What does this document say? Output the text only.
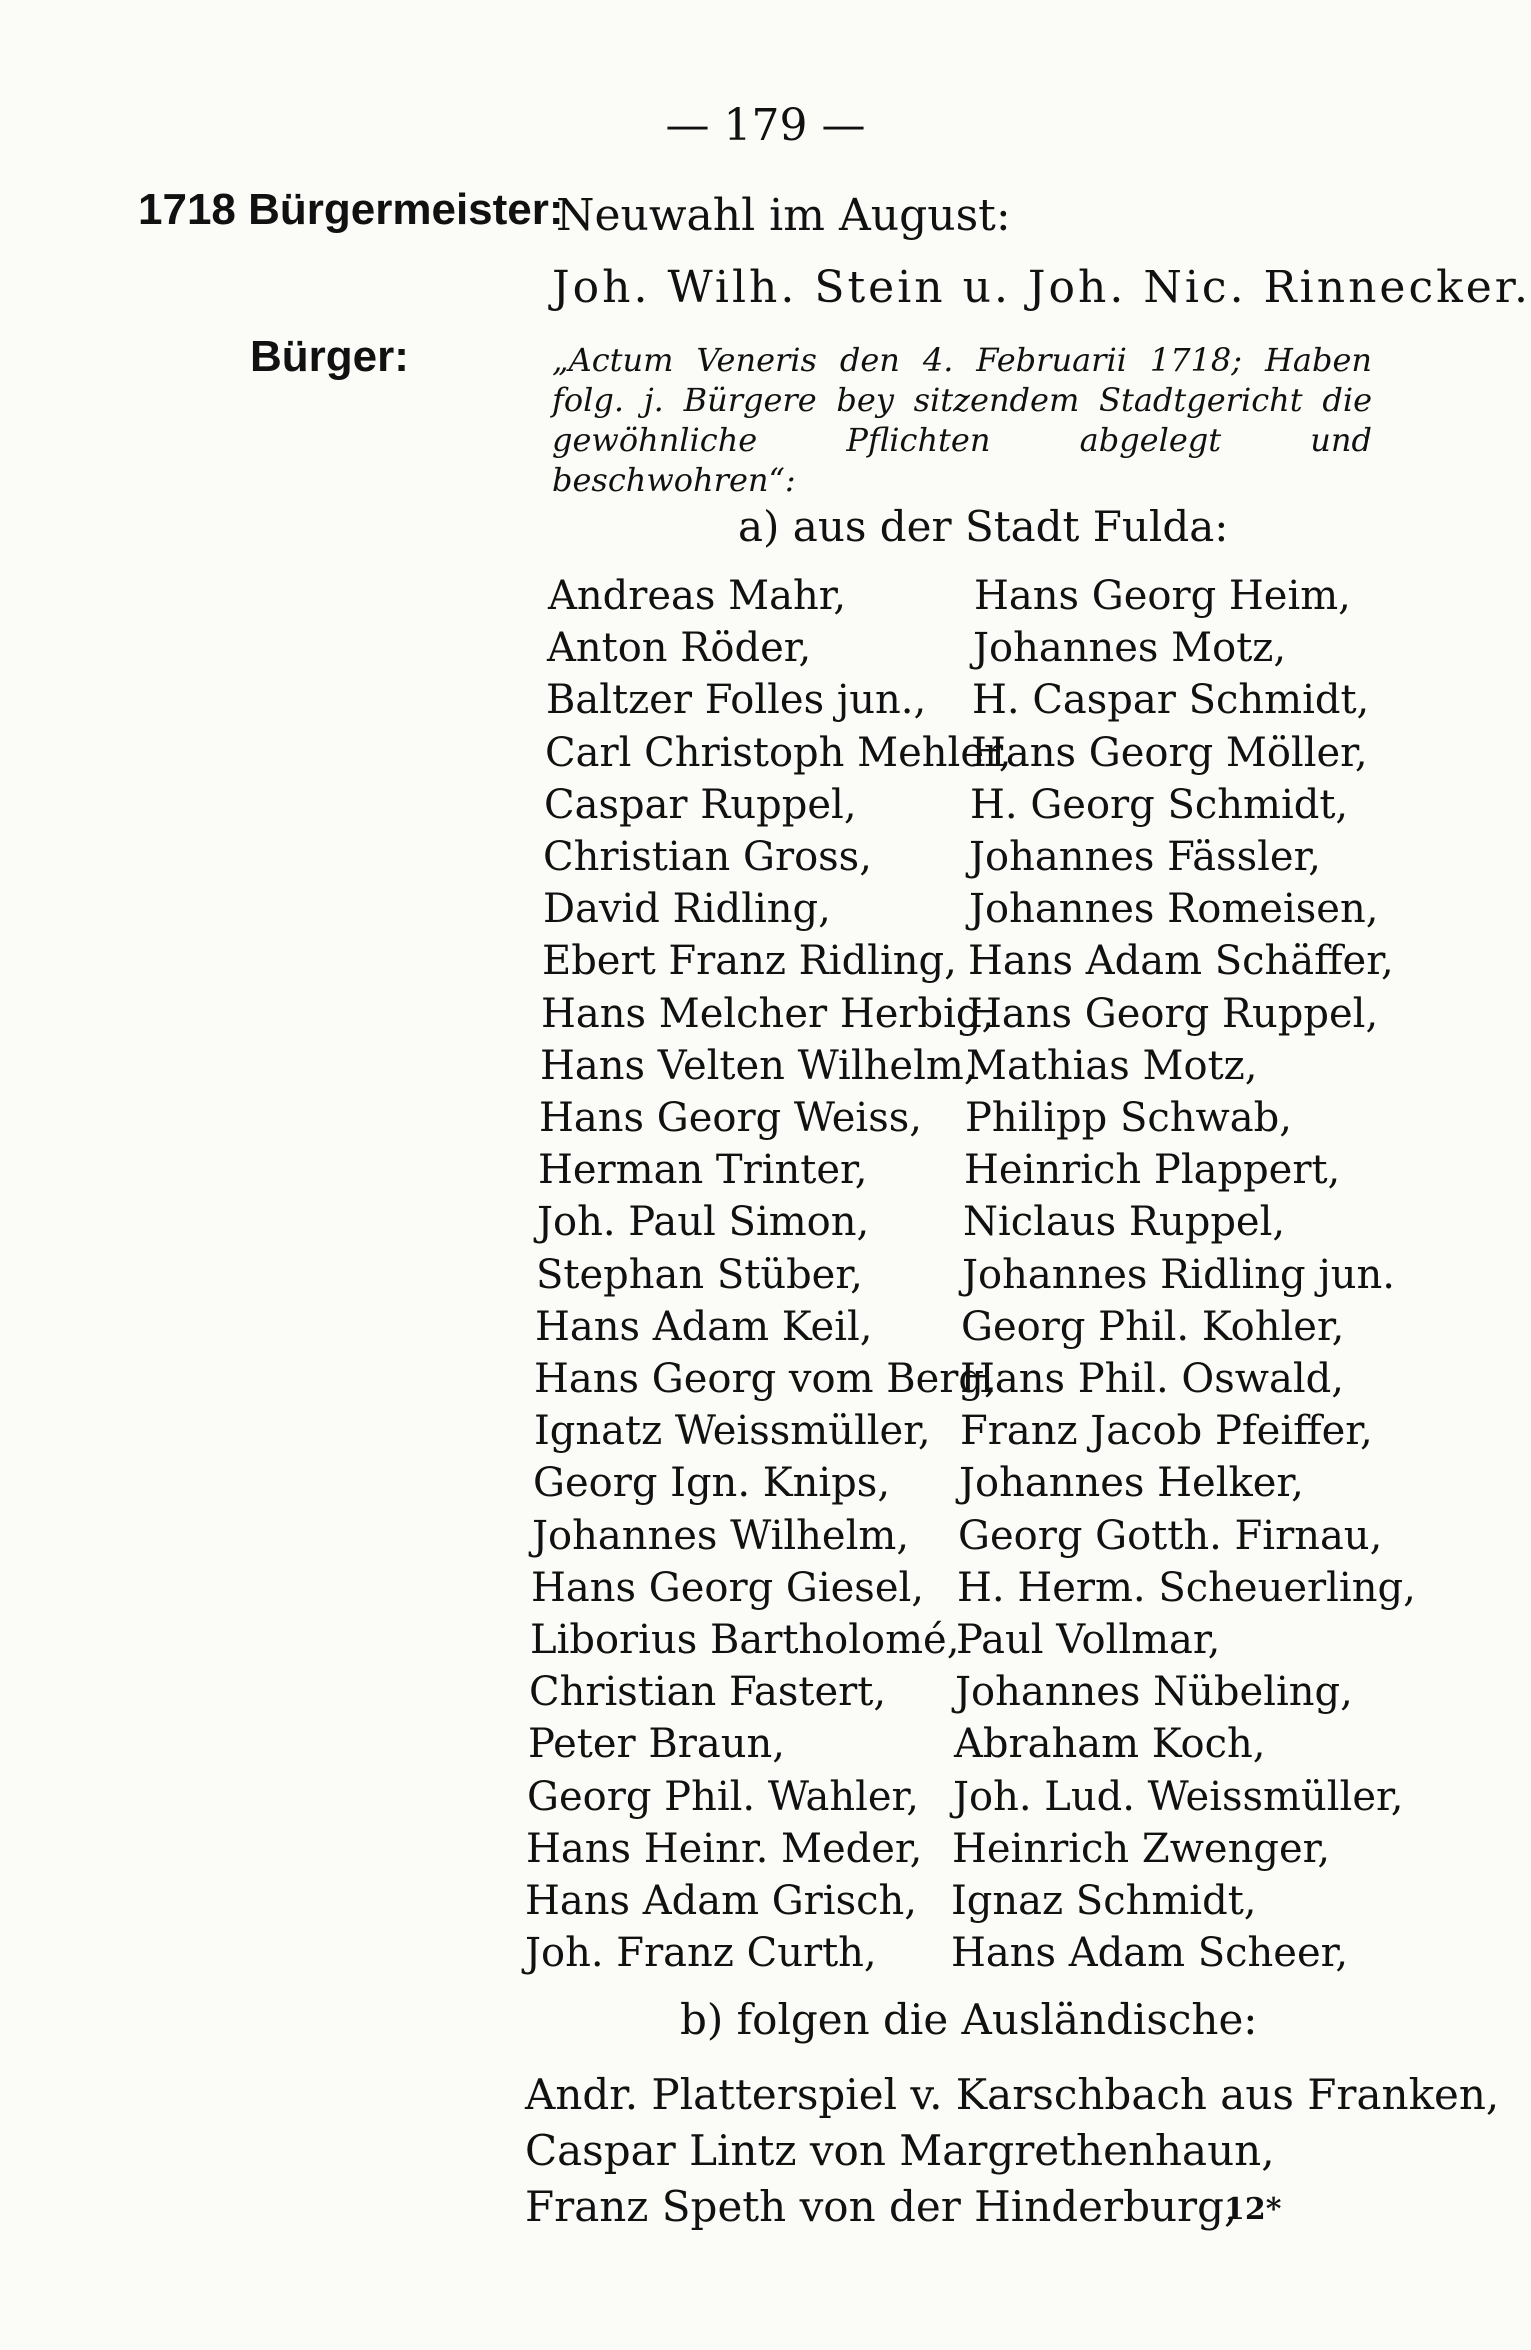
— 179 —
1718 Bürgermeister:
Neuwahl im August:
Joh. Wilh. Stein u. Joh. Nic. Rinnecker.
Bürger:	„Actum Veneris den 4. Februarii 1718; Haben folg. j. Bürgere bey sitzendem Stadtgericht die gewöhnliche Pflichten abgelegt und beschwohren“:
a) aus der Stadt Fulda:
Andreas Mahr,
Anton Röder,
Baltzer Folles jun.,
Carl Christoph Mehler,
Caspar Ruppel,
Christian Gross,
David Ridling,
Ebert Franz Ridling,
Hans Melcher Herbig,
Hans Velten Wilhelm,
Hans Georg Weiss,
Herman Trinter,
Joh. Paul Simon,
Stephan Stüber,
Hans Adam Keil,
Hans Georg vom Berg,
Ignatz Weissmüller,
Georg Ign. Knips,
Johannes Wilhelm,
Hans Georg Giesel,
Liborius Bartholomé,
Christian Fastert,
Peter Braun,
Georg Phil. Wahler,
Hans Heinr. Meder,
Hans Adam Grisch,
Joh. Franz Curth,
Hans Georg Heim,
Johannes Motz,
H. Caspar Schmidt,
Hans Georg Möller,
H. Georg Schmidt,
Johannes Fässler,
Johannes Romeisen,
Hans Adam Schäffer,
Hans Georg Ruppel,
Mathias Motz,
Philipp Schwab,
Heinrich Plappert,
Niclaus Ruppel,
Johannes Ridling jun.
Georg Phil. Kohler,
Hans Phil. Oswald,
Franz Jacob Pfeiffer,
Johannes Helker,
Georg Gotth. Firnau,
H. Herm. Scheuerling,
Paul Vollmar,
Johannes Nübeling,
Abraham Koch,
Joh. Lud. Weissmüller,
Heinrich Zwenger,
Ignaz Schmidt,
Hans Adam Scheer,
b) folgen die Ausländische:
Andr. Platterspiel v. Karschbach aus Franken,
Caspar Lintz von Margrethenhaun,
Franz Speth von der Hinderburg,
12*
